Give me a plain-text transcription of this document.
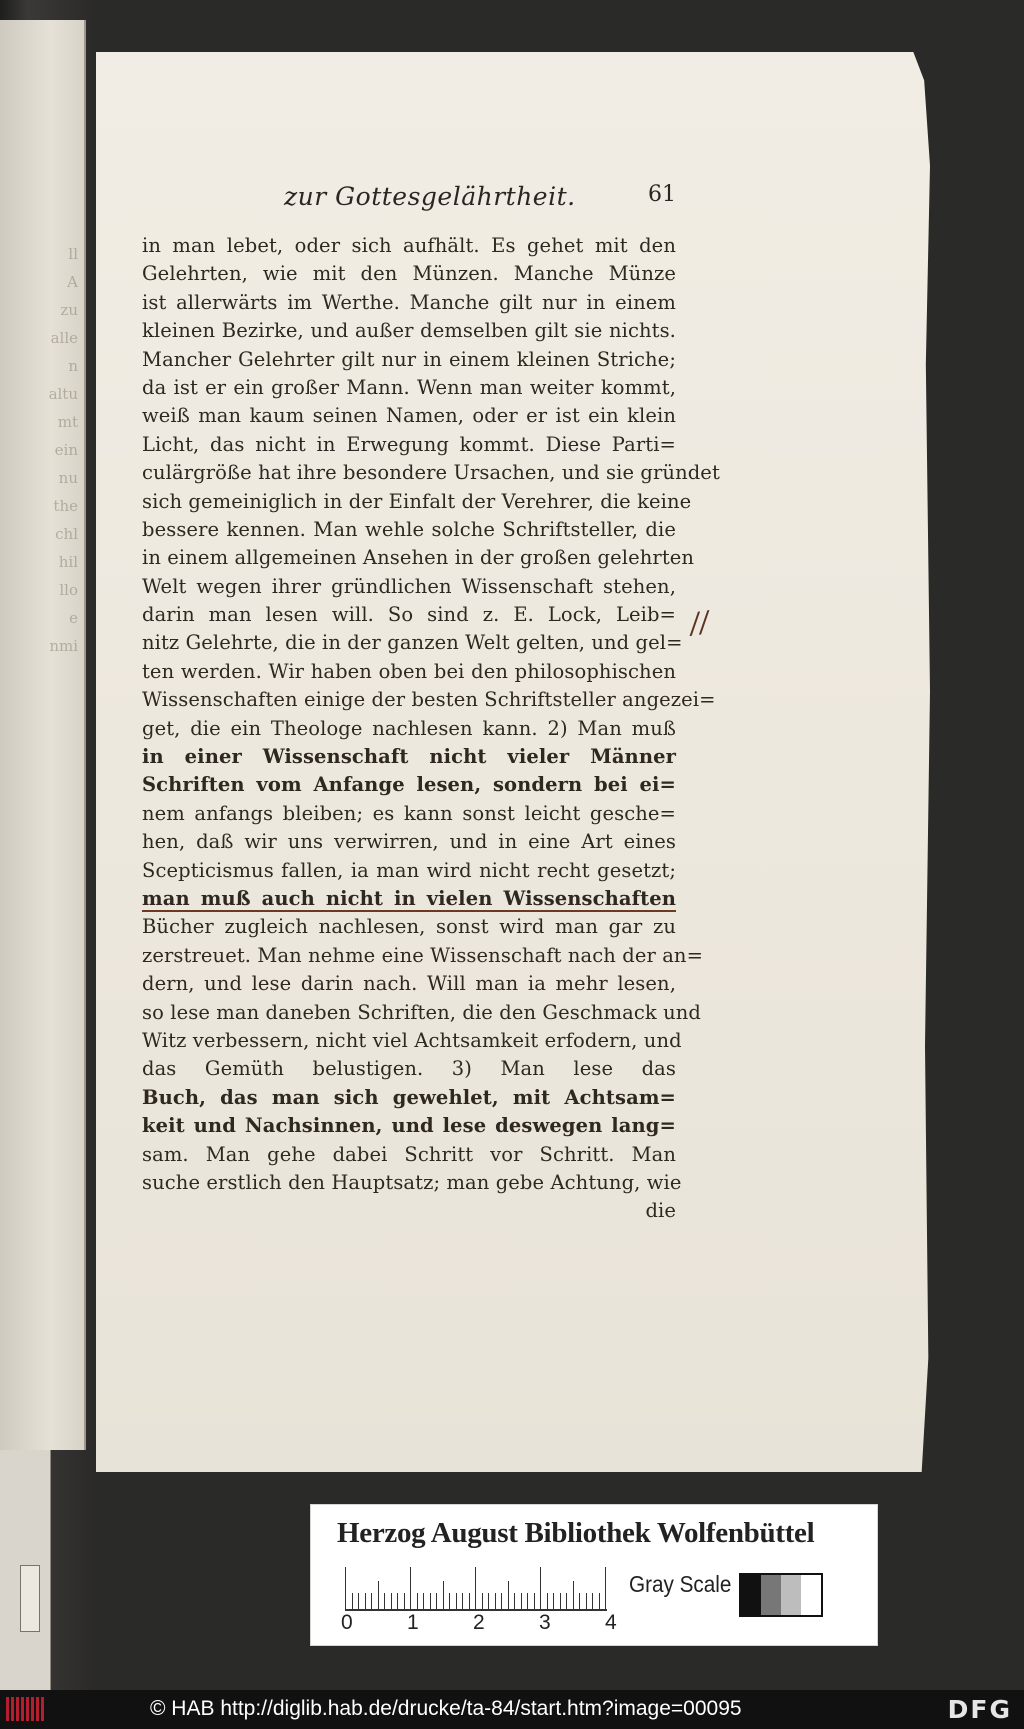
ll
A
zu
alle
n
altu
mt
ein
nu
the
chl
hil
llo
e
nmi
zur Gottesgelährtheit.	61
in man lebet, oder sich aufhält. Es gehet mit den
Gelehrten, wie mit den Münzen. Manche Münze
ist allerwärts im Werthe. Manche gilt nur in einem
kleinen Bezirke, und außer demselben gilt sie nichts.
Mancher Gelehrter gilt nur in einem kleinen Striche;
da ist er ein großer Mann. Wenn man weiter kommt,
weiß man kaum seinen Namen, oder er ist ein klein
Licht, das nicht in Erwegung kommt. Diese Parti=
culärgröße hat ihre besondere Ursachen, und sie gründet
sich gemeiniglich in der Einfalt der Verehrer, die keine
bessere kennen. Man wehle solche Schriftsteller, die
in einem allgemeinen Ansehen in der großen gelehrten
Welt wegen ihrer gründlichen Wissenschaft stehen,
darin man lesen will. So sind z. E. Lock, Leib=
nitz Gelehrte, die in der ganzen Welt gelten, und gel=
ten werden. Wir haben oben bei den philosophischen
Wissenschaften einige der besten Schriftsteller angezei=
get, die ein Theologe nachlesen kann. 2) Man muß
in einer Wissenschaft nicht vieler Männer
Schriften vom Anfange lesen, sondern bei ei=
nem anfangs bleiben; es kann sonst leicht gesche=
hen, daß wir uns verwirren, und in eine Art eines
Scepticismus fallen, ia man wird nicht recht gesetzt;
man muß auch nicht in vielen Wissenschaften
Bücher zugleich nachlesen, sonst wird man gar zu
zerstreuet. Man nehme eine Wissenschaft nach der an=
dern, und lese darin nach. Will man ia mehr lesen,
so lese man daneben Schriften, die den Geschmack und
Witz verbessern, nicht viel Achtsamkeit erfodern, und
das Gemüth belustigen. 3) Man lese das
Buch, das man sich gewehlet, mit Achtsam=
keit und Nachsinnen, und lese deswegen lang=
sam. Man gehe dabei Schritt vor Schritt. Man
suche erstlich den Hauptsatz; man gebe Achtung, wie
die
//
Herzog August Bibliothek Wolfenbüttel
0	1	2	3	4
Gray Scale
© HAB http://diglib.hab.de/drucke/ta-84/start.htm?image=00095	DFG
